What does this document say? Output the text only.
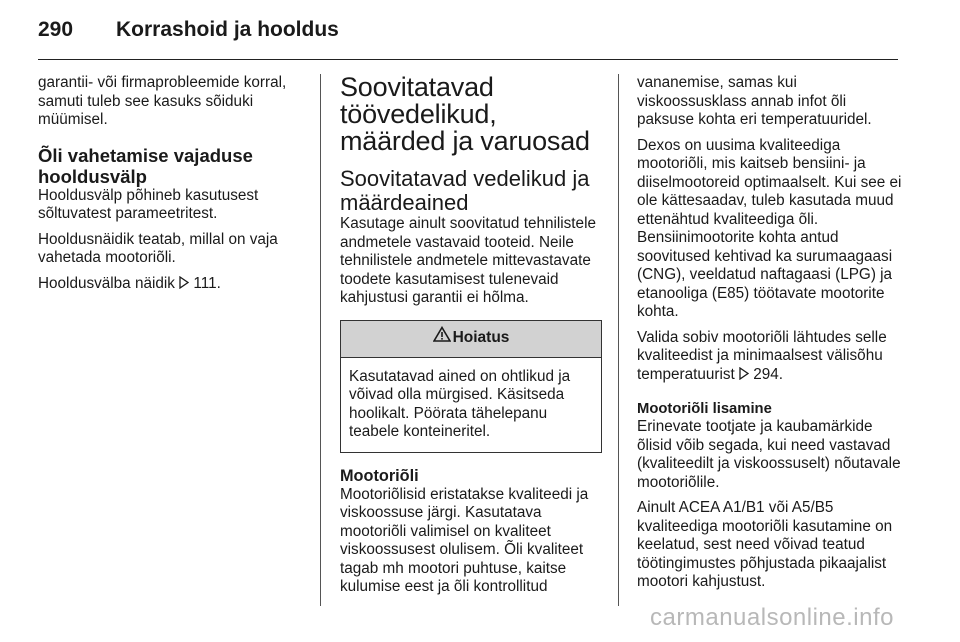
290	Korrashoid ja hooldus

garantii- või firmaprobleemide korral, samuti tuleb see kasuks sõiduki müümisel.

Õli vahetamise vajaduse hooldusvälp

Hooldusvälp põhineb kasutusest sõltuvatest parameetritest.

Hooldusnäidik teatab, millal on vaja vahetada mootoriõli.

Hooldusvälba näidik 111.

Soovitatavad töövedelikud, määrded ja varuosad
Soovitatavad vedelikud ja määrdeained

Kasutage ainult soovitatud tehnilistele andmetele vastavaid tooteid. Neile tehnilistele andmetele mittevastavate toodete kasutamisest tulenevaid kahjustusi garantii ei hõlma.

Hoiatus
Kasutatavad ained on ohtlikud ja võivad olla mürgised. Käsitseda hoolikalt. Pöörata tähelepanu teabele konteineritel.
Mootoriõli

Mootoriõlisid eristatakse kvaliteedi ja viskoossuse järgi. Kasutatava mootoriõli valimisel on kvaliteet viskoossusest olulisem. Õli kvaliteet tagab mh mootori puhtuse, kaitse kulumise eest ja õli kontrollitud

vananemise, samas kui viskoossusklass annab infot õli paksuse kohta eri temperatuuridel.

Dexos on uusima kvaliteediga mootoriõli, mis kaitseb bensiini- ja diiselmootoreid optimaalselt. Kui see ei ole kättesaadav, tuleb kasutada muud ettenähtud kvaliteediga õli. Bensiinimootorite kohta antud soovitused kehtivad ka surumaagaasi (CNG), veeldatud naftagaasi (LPG) ja etanooliga (E85) töötavate mootorite kohta.

Valida sobiv mootoriõli lähtudes selle kvaliteedist ja minimaalsest välisõhu temperatuurist 294.

Mootoriõli lisamine

Erinevate tootjate ja kaubamärkide õlisid võib segada, kui need vastavad (kvaliteedilt ja viskoossuselt) nõutavale mootoriõlile.

Ainult ACEA A1/B1 või A5/B5 kvaliteediga mootoriõli kasutamine on keelatud, sest need võivad teatud töötingimustes põhjustada pikaajalist mootori kahjustust.

carmanualsonline.info
